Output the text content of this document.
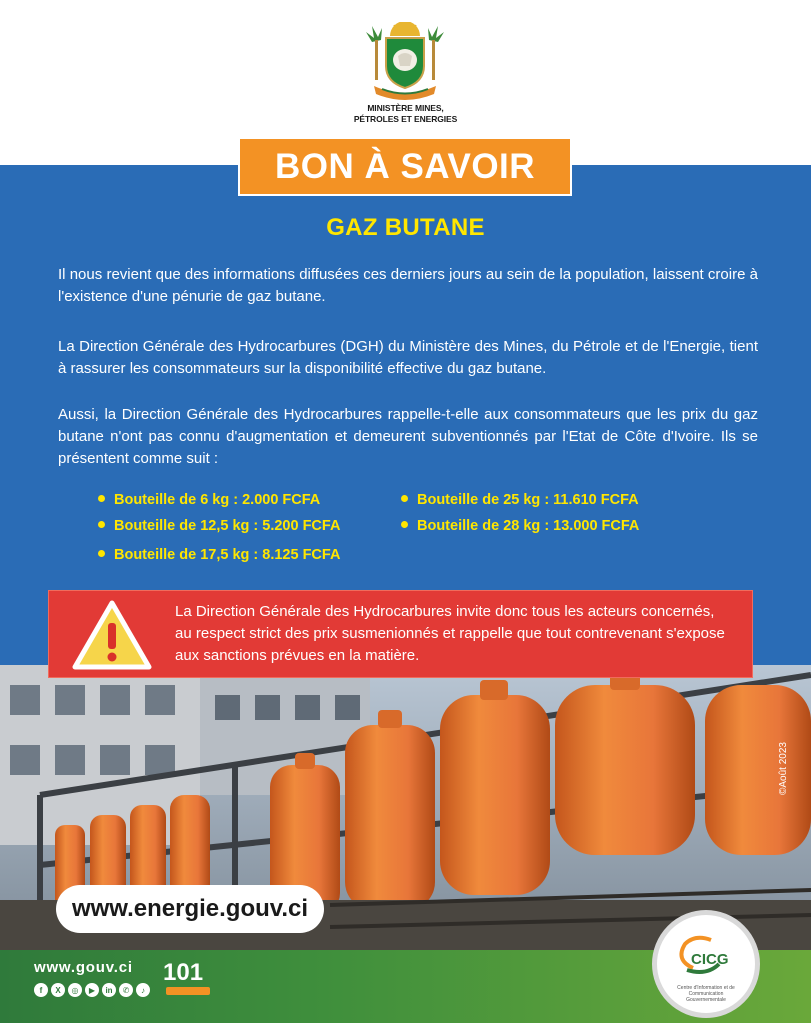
MINISTÈRE MINES,
PÉTROLES ET ENERGIES
BON À SAVOIR
GAZ BUTANE

Il nous revient que des informations diffusées ces derniers jours au sein de la population, laissent croire à l'existence d'une pénurie de gaz butane.

La Direction Générale des Hydrocarbures (DGH) du Ministère des Mines, du Pétrole et de l'Energie, tient à rassurer les consommateurs sur la disponibilité effective du gaz butane.

Aussi, la Direction Générale des Hydrocarbures rappelle-t-elle aux consommateurs que les prix du gaz butane n'ont pas connu d'augmentation et demeurent subventionnés par l'Etat de Côte d'Ivoire. Ils se présentent comme suit :

Bouteille de 6 kg : 2.000 FCFA
Bouteille de 12,5 kg : 5.200 FCFA
Bouteille de 17,5 kg : 8.125 FCFA
Bouteille de 25 kg : 11.610 FCFA
Bouteille de 28 kg : 13.000 FCFA
©Août 2023
www.energie.gouv.ci

La Direction Générale des Hydrocarbures invite donc tous les acteurs concernés, au respect strict des prix susmenionnés et rappelle que tout contrevenant s'expose aux sanctions prévues en la matière.

www.gouv.ci
f	X	◎	▶	in	✆	♪
101	CICG
Centre d'Information et de Communication Gouvernementale
